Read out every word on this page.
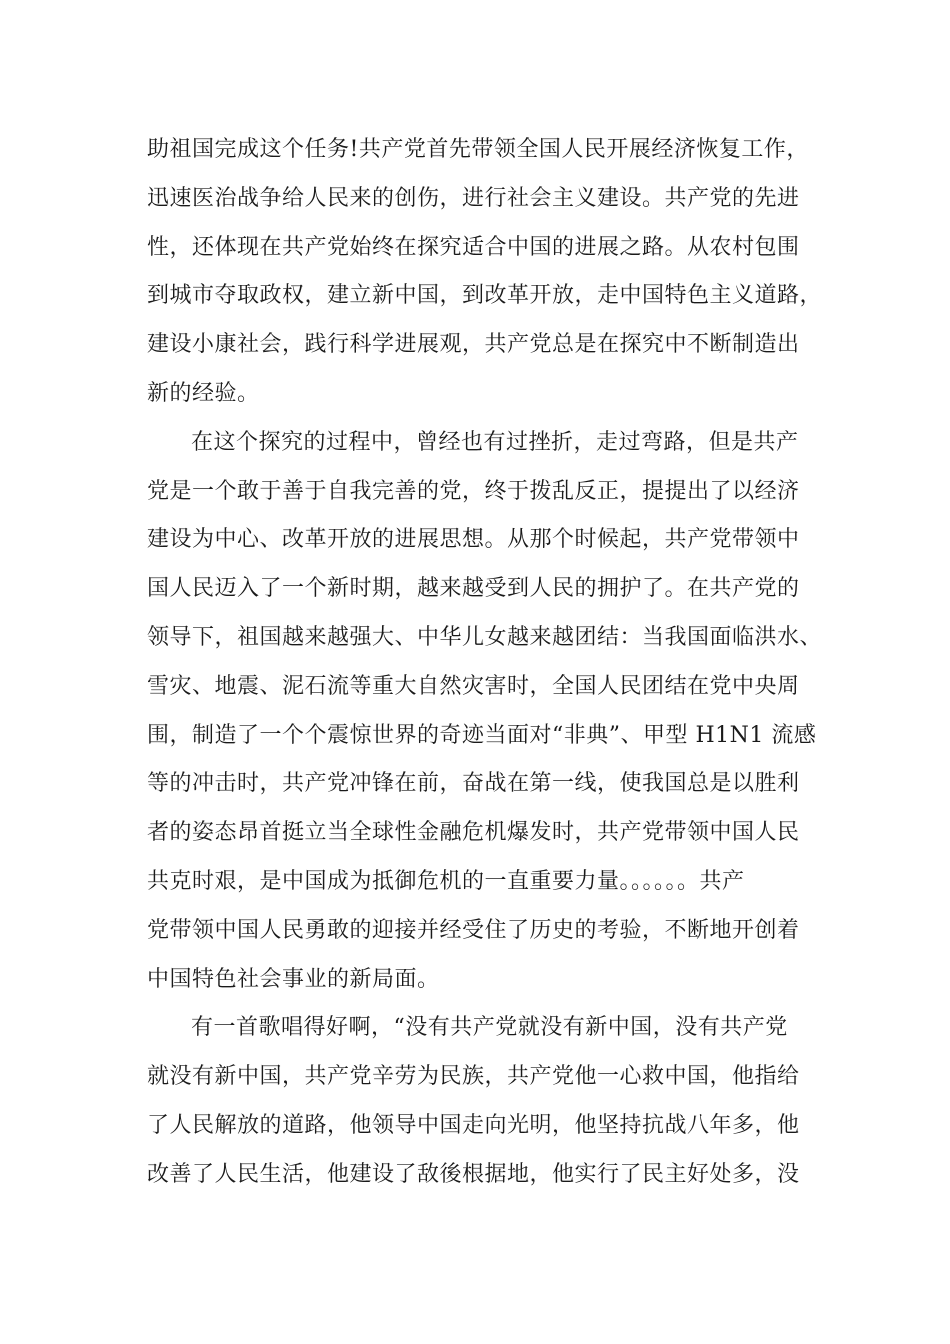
助祖国完成这个任务!共产党首先带领全国人民开展经济恢复工作，
迅速医治战争给人民来的创伤，进行社会主义建设。共产党的先进
性，还体现在共产党始终在探究适合中国的进展之路。从农村包围
到城市夺取政权，建立新中国，到改革开放，走中国特色主义道路，
建设小康社会，践行科学进展观，共产党总是在探究中不断制造出
新的经验。
在这个探究的过程中，曾经也有过挫折，走过弯路，但是共产
党是一个敢于善于自我完善的党，终于拨乱反正，提提出了以经济
建设为中心、改革开放的进展思想。从那个时候起，共产党带领中
国人民迈入了一个新时期，越来越受到人民的拥护了。在共产党的
领导下，祖国越来越强大、中华儿女越来越团结：当我国面临洪水、
雪灾、地震、泥石流等重大自然灾害时，全国人民团结在党中央周
围，制造了一个个震惊世界的奇迹当面对“非典”、甲型 H1N1 流感
等的冲击时，共产党冲锋在前，奋战在第一线，使我国总是以胜利
者的姿态昂首挺立当全球性金融危机爆发时，共产党带领中国人民
共克时艰，是中国成为抵御危机的一直重要力量。。。。。。共产
党带领中国人民勇敢的迎接并经受住了历史的考验，不断地开创着
中国特色社会事业的新局面。
有一首歌唱得好啊，“没有共产党就没有新中国，没有共产党
就没有新中国，共产党辛劳为民族，共产党他一心救中国，他指给
了人民解放的道路，他领导中国走向光明，他坚持抗战八年多，他
改善了人民生活，他建设了敌後根据地，他实行了民主好处多，没
